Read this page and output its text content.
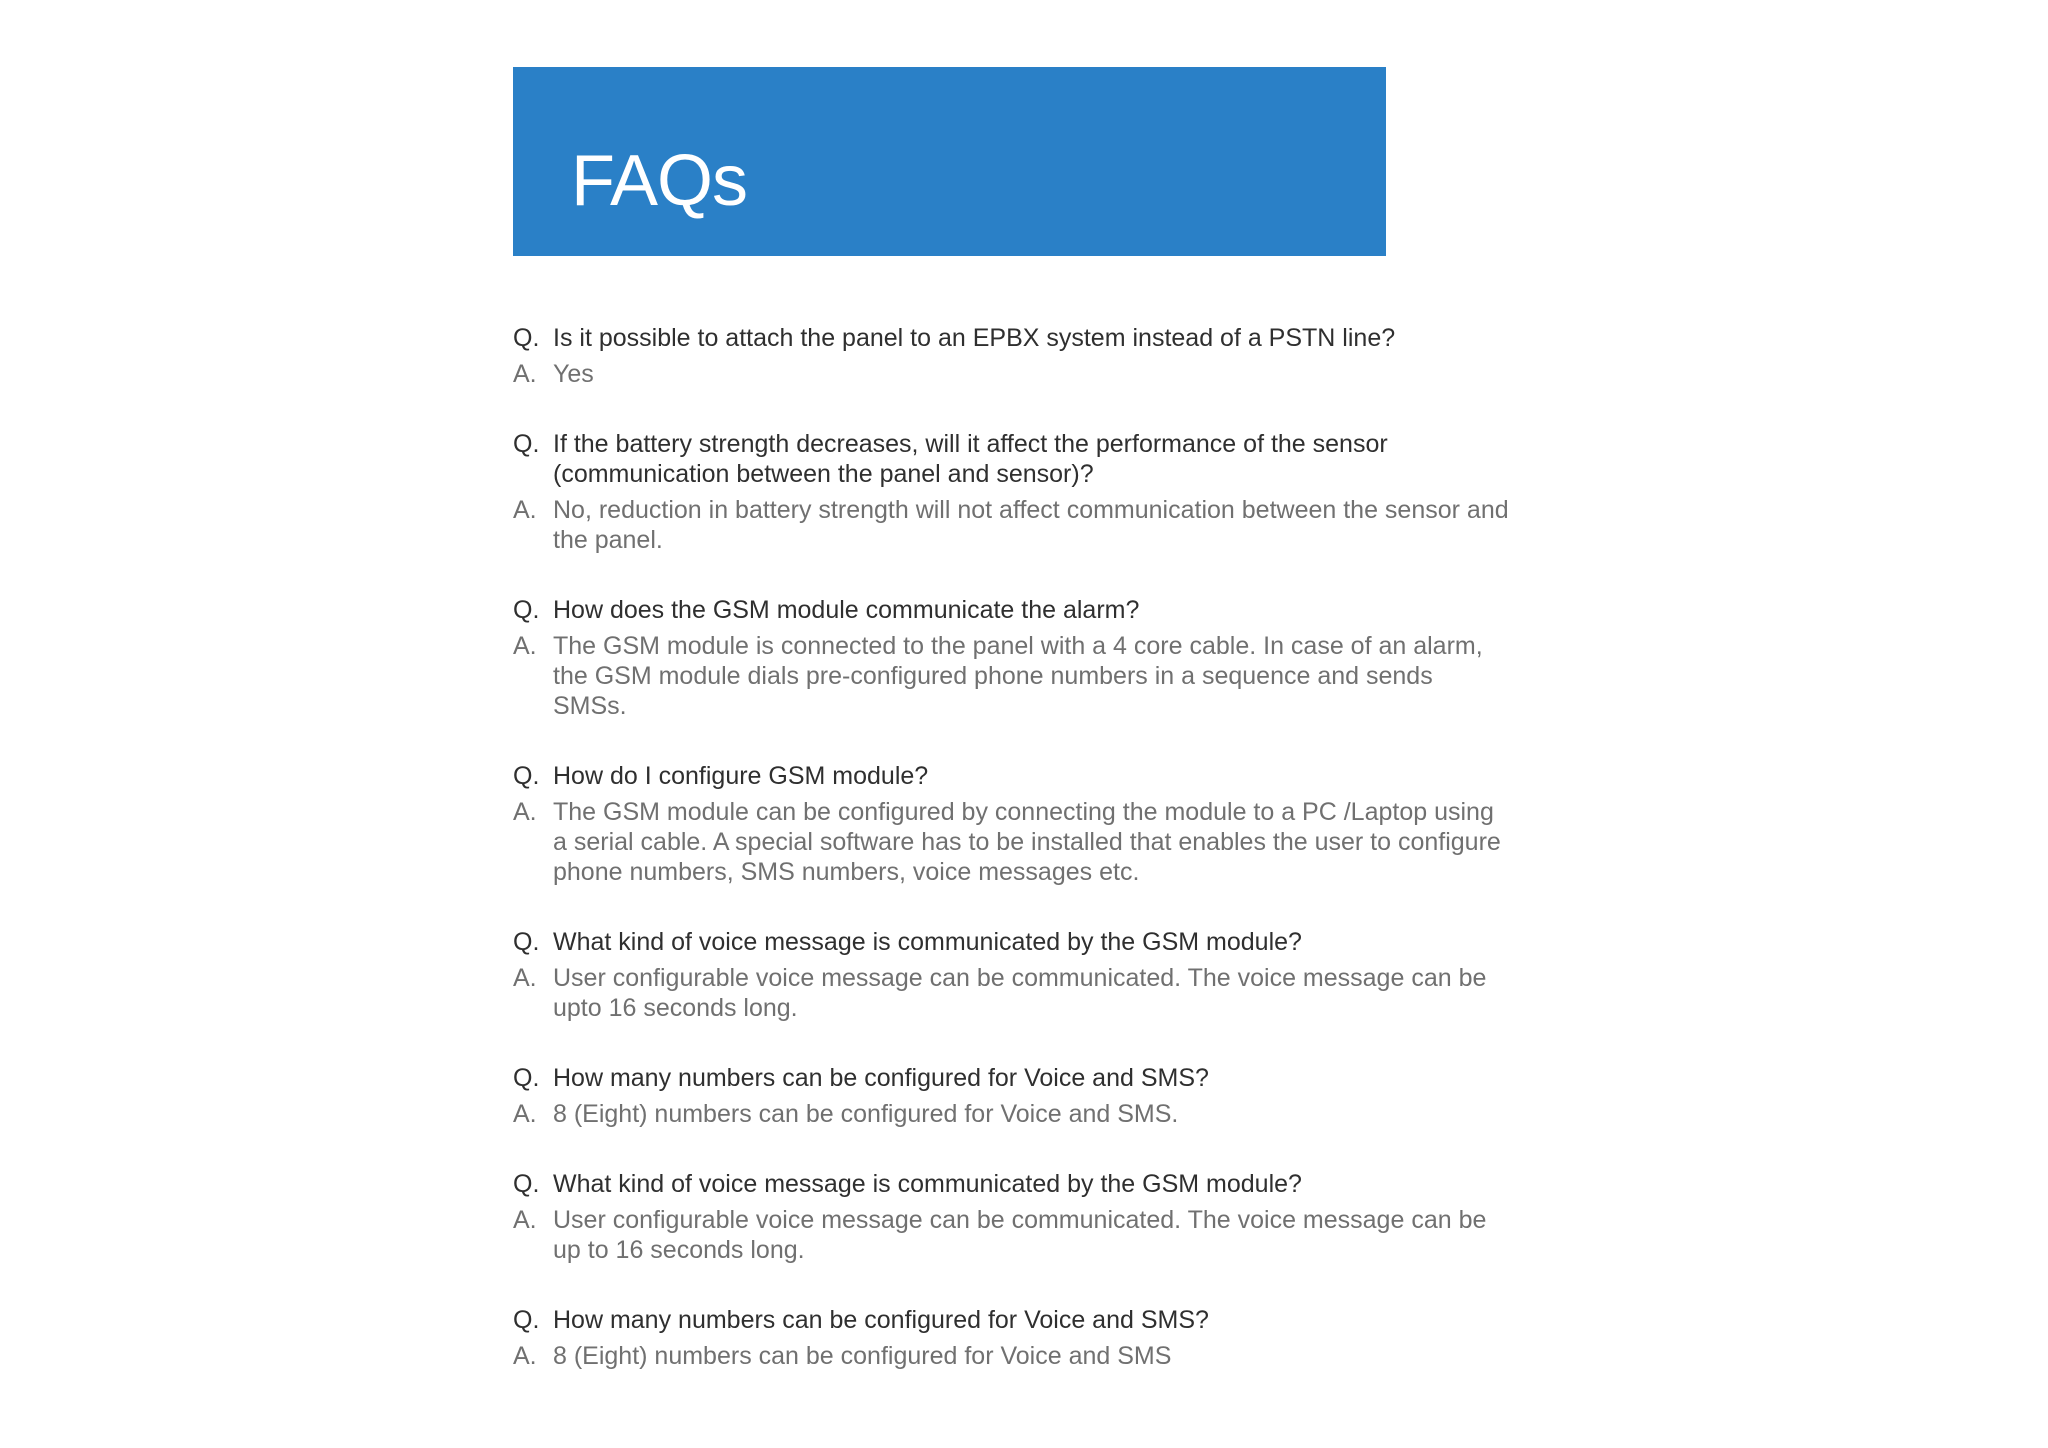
FAQs
Q. Is it possible to attach the panel to an EPBX system instead of a PSTN line?
A. Yes
Q. If the battery strength decreases, will it affect the performance of the sensor (communication between the panel and sensor)?
A. No, reduction in battery strength will not affect communication between the sensor and the panel.
Q. How does the GSM module communicate the alarm?
A. The GSM module is connected to the panel with a 4 core cable. In case of an alarm, the GSM module dials pre-configured phone numbers in a sequence and sends SMSs.
Q. How do I configure GSM module?
A. The GSM module can be configured by connecting the module to a PC /Laptop using a serial cable. A special software has to be installed that enables the user to configure phone numbers, SMS numbers, voice messages etc.
Q. What kind of voice message is communicated by the GSM module?
A. User configurable voice message can be communicated. The voice message can be upto 16 seconds long.
Q. How many numbers can be configured for Voice and SMS?
A. 8 (Eight) numbers can be configured for Voice and SMS.
Q. What kind of voice message is communicated by the GSM module?
A. User configurable voice message can be communicated. The voice message can be up to 16 seconds long.
Q. How many numbers can be configured for Voice and SMS?
A. 8 (Eight) numbers can be configured for Voice and SMS
